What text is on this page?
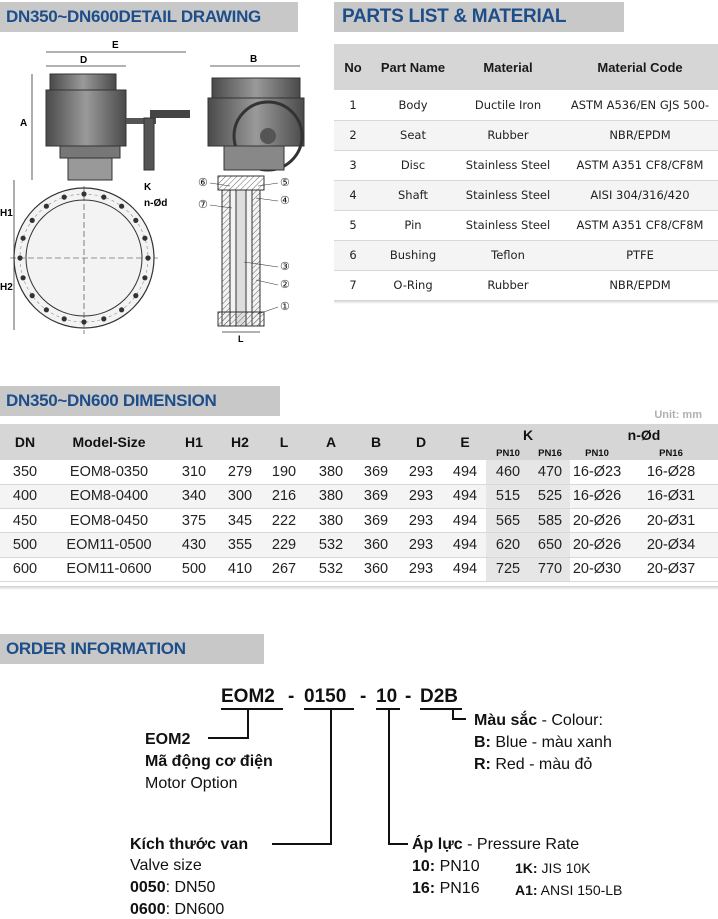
DN350~DN600DETAIL DRAWING	PARTS LIST & MATERIAL
E
D
A
K
n-Ød
H1
H2
B
L
⑥
⑦
⑤
④
③
②
①
No	Part Name	Material	Material Code
1	Body	Ductile Iron	ASTM A536/EN GJS 500-
2	Seat	Rubber	NBR/EPDM
3	Disc	Stainless Steel	ASTM A351 CF8/CF8M
4	Shaft	Stainless Steel	AISI 304/316/420
5	Pin	Stainless Steel	ASTM A351 CF8/CF8M
6	Bushing	Teflon	PTFE
7	O-Ring	Rubber	NBR/EPDM
DN350~DN600 DIMENSION
Unit: mm
DN	Model-Size	H1	H2	L	A	B	D	E	K		n-Ød	
									PN10	PN16	PN10	PN16
350	EOM8-0350	310	279	190	380	369	293	494	460	470	16-Ø23	16-Ø28
400	EOM8-0400	340	300	216	380	369	293	494	515	525	16-Ø26	16-Ø31
450	EOM8-0450	375	345	222	380	369	293	494	565	585	20-Ø26	20-Ø31
500	EOM11-0500	430	355	229	532	360	293	494	620	650	20-Ø26	20-Ø34
600	EOM11-0600	500	410	267	532	360	293	494	725	770	20-Ø30	20-Ø37
ORDER INFORMATION
EOM2 - 0150 - 10 - D2B
Màu sắc - Colour:
B: Blue - màu xanh
R: Red - màu đỏ
EOM2
Mã động cơ điện
Motor Option
Kích thước van
Valve size
0050: DN50
0600: DN600
Áp lực - Pressure Rate
10: PN10
16: PN16
1K: JIS 10K
A1: ANSI 150-LB
